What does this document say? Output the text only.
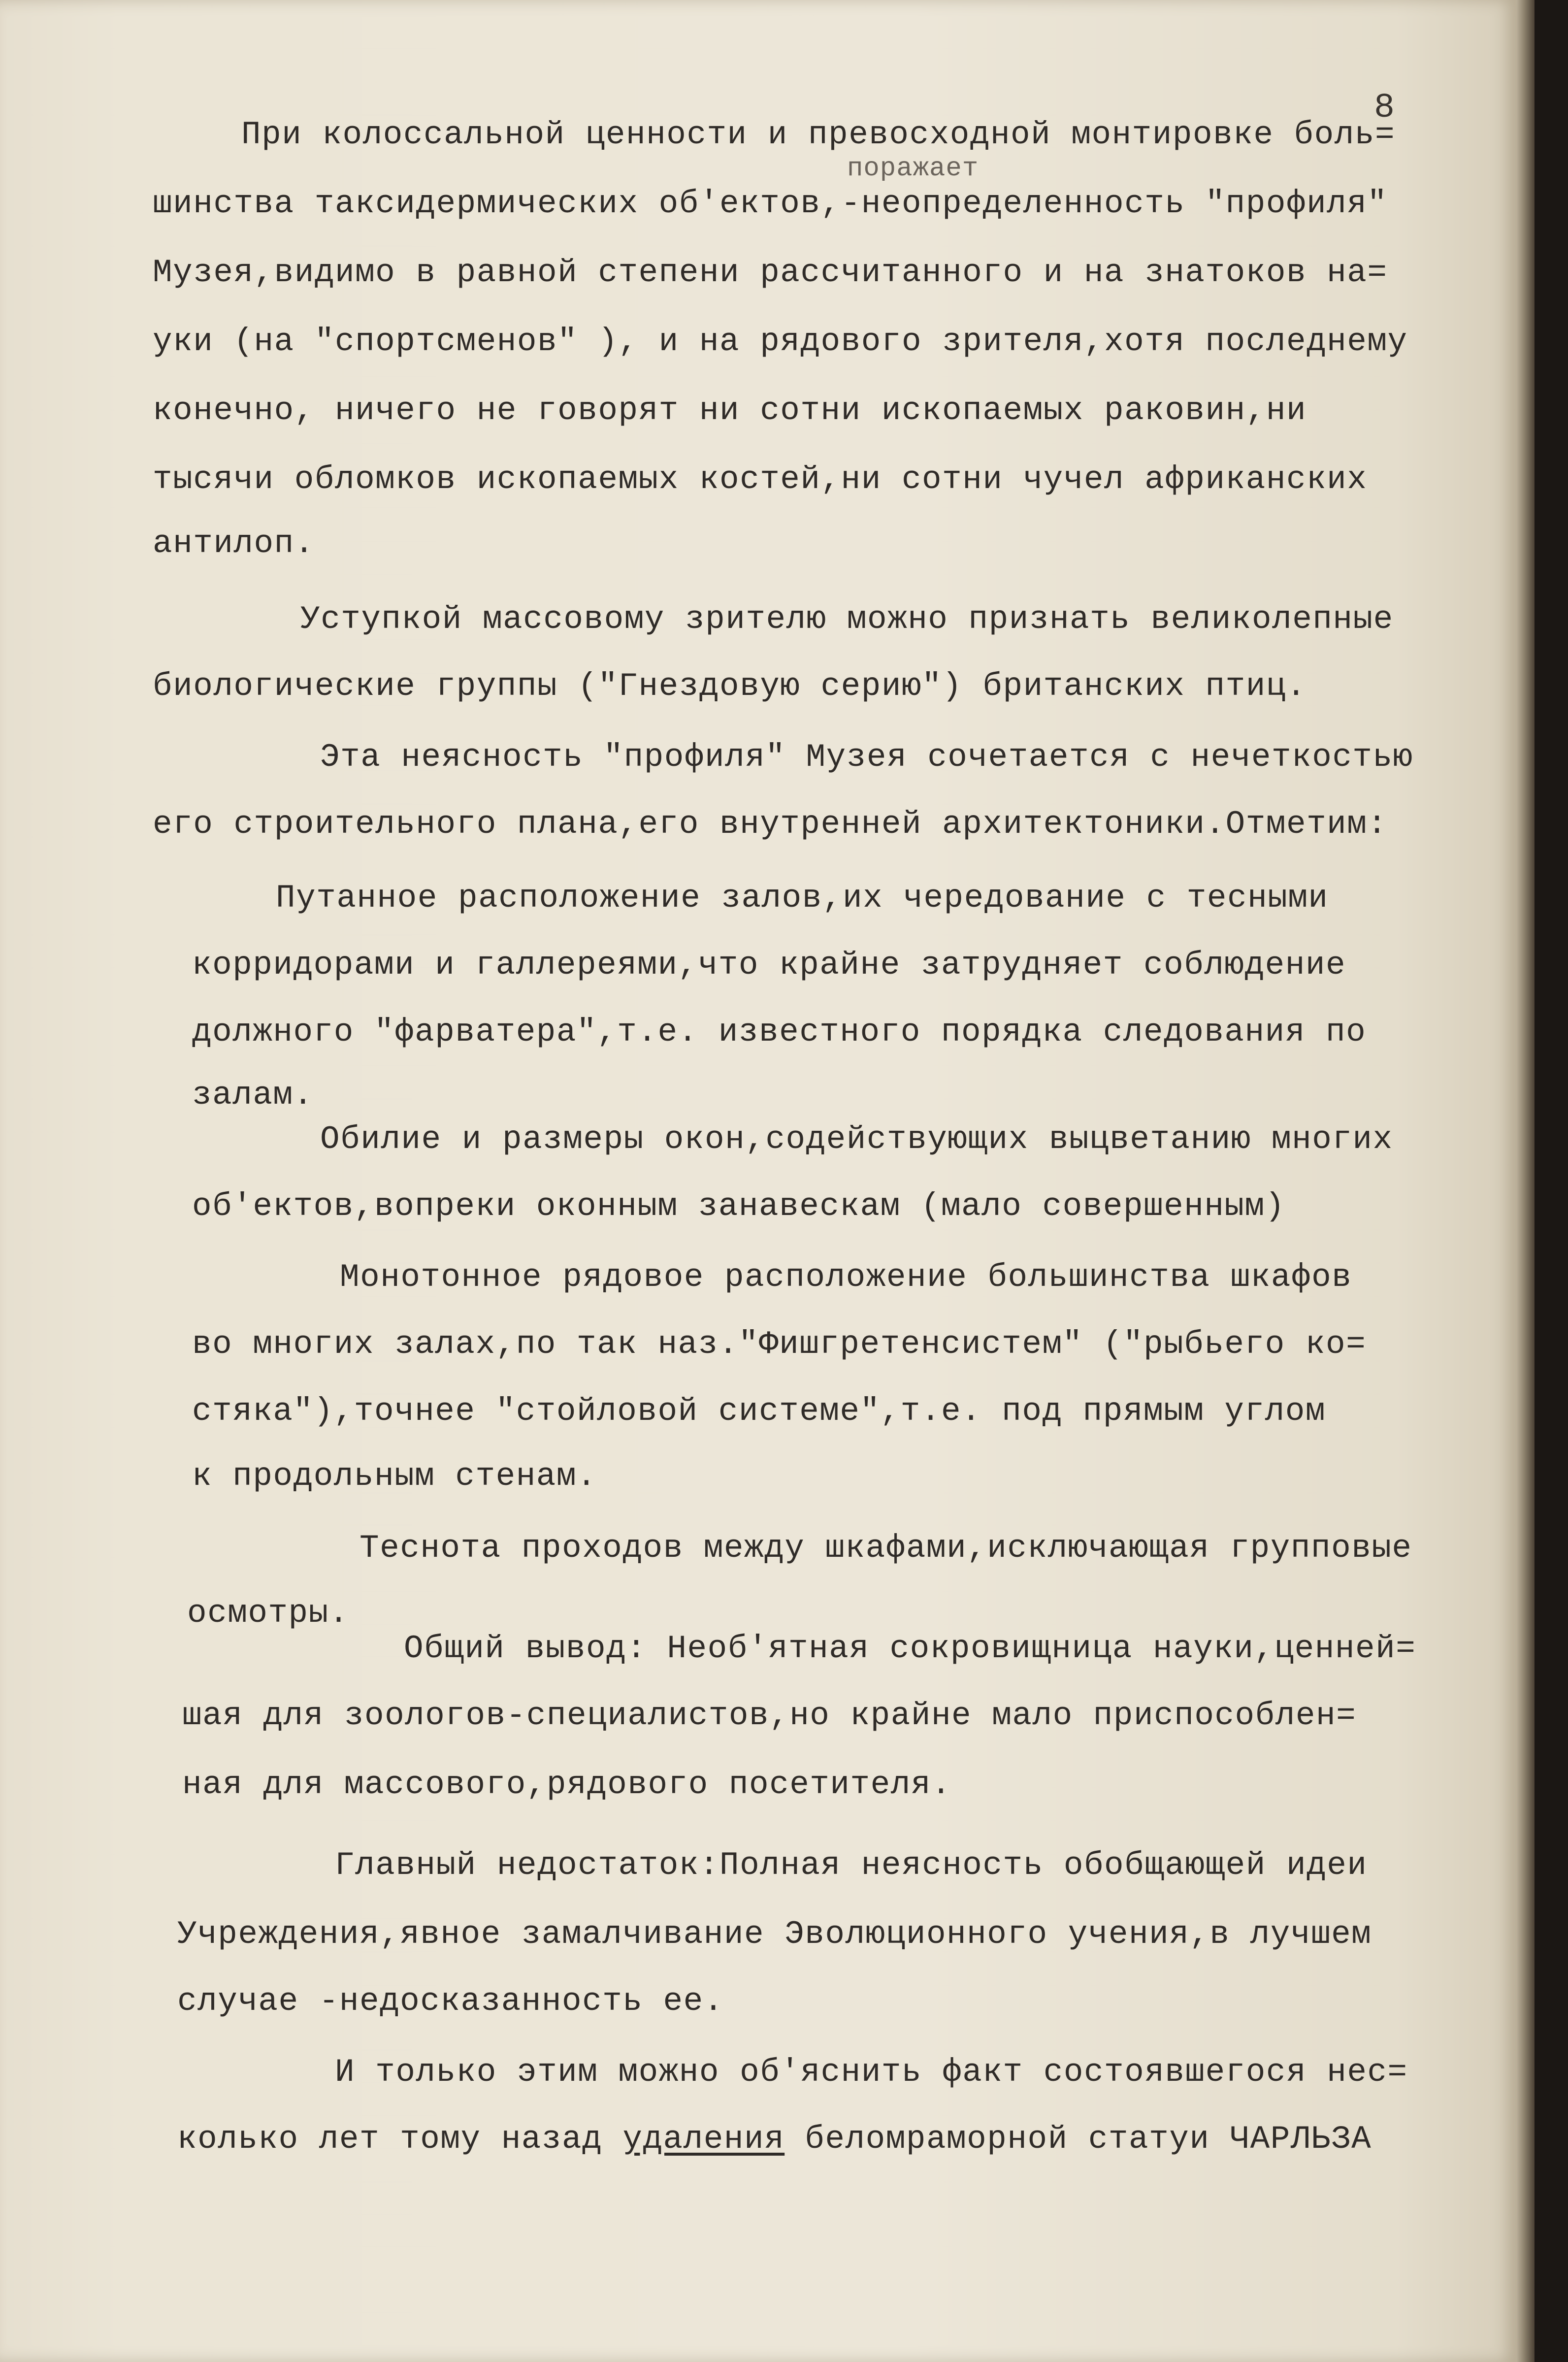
8
поражает
При колоссальной ценности и превосходной монтировке боль=
шинства таксидермических об'ектов,-неопределенность "профиля"
Музея,видимо в равной степени рассчитанного и на знатоков на=
уки (на "спортсменов" ), и на рядового зрителя,хотя последнему
конечно, ничего не говорят ни сотни ископаемых раковин,ни
тысячи обломков ископаемых костей,ни сотни чучел африканских
антилоп.
Уступкой массовому зрителю можно признать великолепные
биологические группы ("Гнездовую серию") британских птиц.
Эта неясность "профиля" Музея сочетается с нечеткостью
его строительного плана,его внутренней архитектоники.Отметим:
Путанное расположение залов,их чередование с тесными
корридорами и галлереями,что крайне затрудняет соблюдение
должного "фарватера",т.е. известного порядка следования по
залам.
Обилие и размеры окон,содействующих выцветанию многих
об'ектов,вопреки оконным занавескам (мало совершенным)
Монотонное рядовое расположение большинства шкафов
во многих залах,по так наз."Фишгретенсистем" ("рыбьего ко=
стяка"),точнее "стойловой системе",т.е. под прямым углом
к продольным стенам.
Теснота проходов между шкафами,исключающая групповые
осмотры.
Общий вывод: Необ'ятная сокровищница науки,ценней=
шая для зоологов-специалистов,но крайне мало приспособлен=
ная для массового,рядового посетителя.
Главный недостаток:Полная неясность обобщающей идеи
Учреждения,явное замалчивание Эволюционного учения,в лучшем
случае -недосказанность ее.
И только этим можно об'яснить факт состоявшегося нес=
колько лет тому назад удаления беломраморной статуи ЧАРЛЬЗА
